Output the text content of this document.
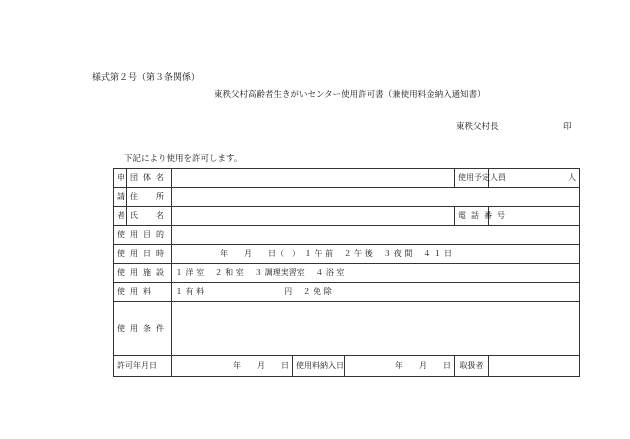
様式第２号（第３条関係）
東秩父村高齢者生きがいセンター使用許可書（兼使用料金納入通知書）
東秩父村長	印
下記により使用を許可します。
申	団体名				使用予定人員	人
請	住　所					
者	氏　名				電話番号	
使用目的						
使用日時		年　　月　　日（　）　１ 午 前　 ２ 午 後　 ３ 夜 間　 ４ １ 日				
使用施設		１ 洋 室　 ２ 和 室　 ３ 調理実習室　 ４ 浴 室				
使用料		１ 有 料　　　　　　　　　　円　 ２ 免 除				
使用条件						
許可年月日		年　　月　　日	使用料納入日	年　　月　　日	取扱者	
